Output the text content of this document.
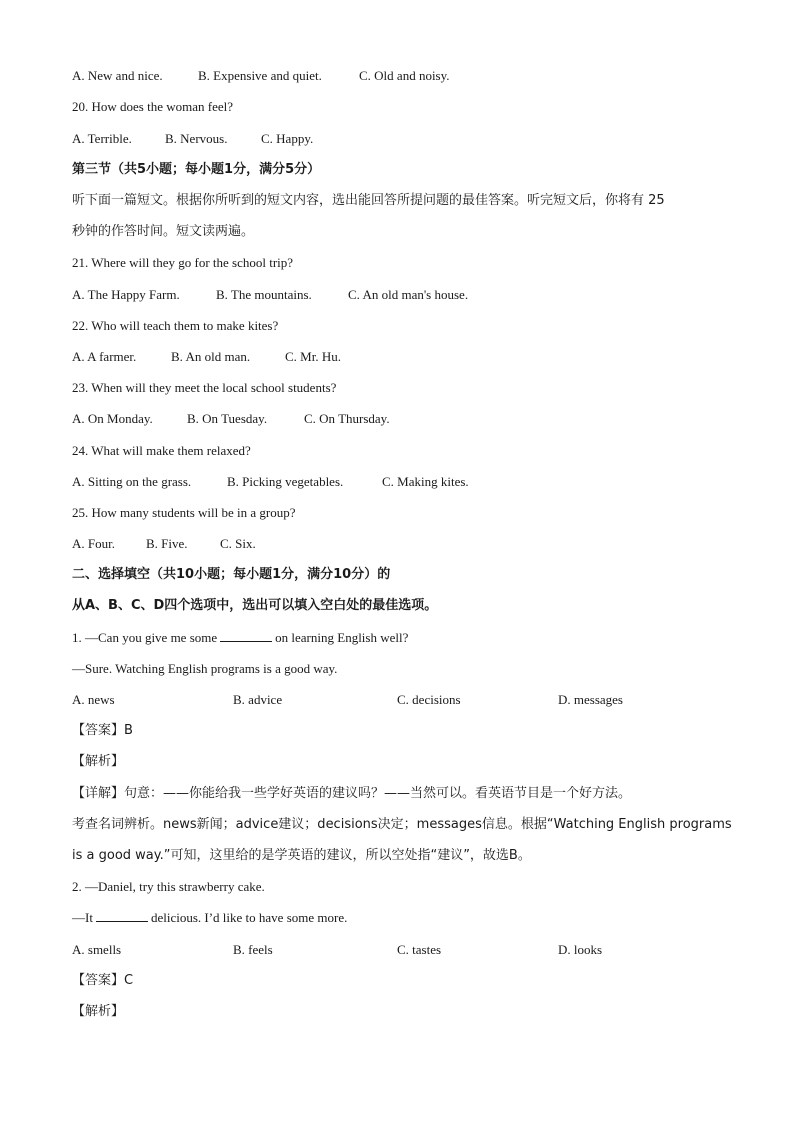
A. New and nice.	B. Expensive and quiet.	C. Old and noisy.
20. How does the woman feel?
A. Terrible.	B. Nervous.	C. Happy.
第三节（共5小题；每小题1分，满分5分）
听下面一篇短文。根据你所听到的短文内容，选出能回答所提问题的最佳答案。听完短文后，你将有 25
秒钟的作答时间。短文读两遍。
21. Where will they go for the school trip?
A. The Happy Farm.	B. The mountains.	C. An old man's house.
22. Who will teach them to make kites?
A. A farmer.	B. An old man.	C. Mr. Hu.
23. When will they meet the local school students?
A. On Monday.	B. On Tuesday.	C. On Thursday.
24. What will make them relaxed?
A. Sitting on the grass.	B. Picking vegetables.	C. Making kites.
25. How many students will be in a group?
A. Four.	B. Five.	C. Six.
二、选择填空（共10小题；每小题1分，满分10分）的
从A、B、C、D四个选项中，选出可以填入空白处的最佳选项。
1. —Can you give me some	on learning English well?
—Sure. Watching English programs is a good way.
A. news	B. advice	C. decisions	D. messages
【答案】B
【解析】
【详解】句意：——你能给我一些学好英语的建议吗？——当然可以。看英语节目是一个好方法。
考查名词辨析。news新闻；advice建议；decisions决定；messages信息。根据“Watching English programs
is a good way.”可知，这里给的是学英语的建议，所以空处指“建议”，故选B。
2. —Daniel, try this strawberry cake.
—It	delicious. I’d like to have some more.
A. smells	B. feels	C. tastes	D. looks
【答案】C
【解析】
